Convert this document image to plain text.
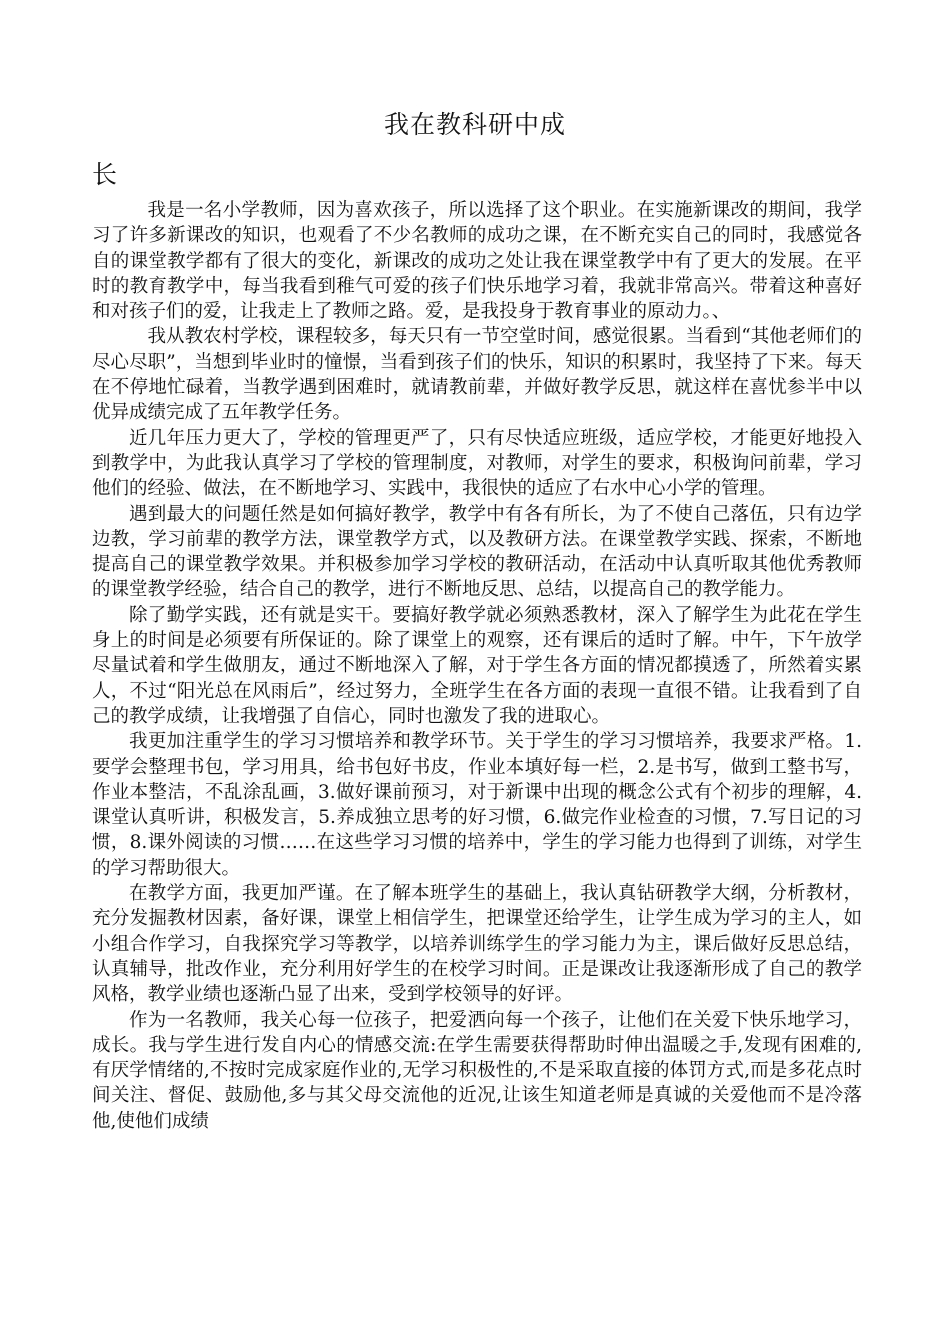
我在教科研中成
长

我是一名小学教师，因为喜欢孩子，所以选择了这个职业。在实施新课改的期间，我学习了许多新课改的知识，也观看了不少名教师的成功之课，在不断充实自己的同时，我感觉各自的课堂教学都有了很大的变化，新课改的成功之处让我在课堂教学中有了更大的发展。在平时的教育教学中，每当我看到稚气可爱的孩子们快乐地学习着，我就非常高兴。带着这种喜好和对孩子们的爱，让我走上了教师之路。爱，是我投身于教育事业的原动力。、

我从教农村学校，课程较多，每天只有一节空堂时间，感觉很累。当看到“其他老师们的尽心尽职”，当想到毕业时的憧憬，当看到孩子们的快乐，知识的积累时，我坚持了下来。每天在不停地忙碌着，当教学遇到困难时，就请教前辈，并做好教学反思，就这样在喜忧参半中以优异成绩完成了五年教学任务。

近几年压力更大了，学校的管理更严了，只有尽快适应班级，适应学校，才能更好地投入到教学中，为此我认真学习了学校的管理制度，对教师，对学生的要求，积极询问前辈，学习他们的经验、做法，在不断地学习、实践中，我很快的适应了右水中心小学的管理。

遇到最大的问题任然是如何搞好教学，教学中有各有所长，为了不使自己落伍，只有边学边教，学习前辈的教学方法，课堂教学方式，以及教研方法。在课堂教学实践、探索，不断地提高自己的课堂教学效果。并积极参加学习学校的教研活动，在活动中认真听取其他优秀教师的课堂教学经验，结合自己的教学，进行不断地反思、总结，以提高自己的教学能力。

除了勤学实践，还有就是实干。要搞好教学就必须熟悉教材，深入了解学生为此花在学生身上的时间是必须要有所保证的。除了课堂上的观察，还有课后的适时了解。中午，下午放学尽量试着和学生做朋友，通过不断地深入了解，对于学生各方面的情况都摸透了，所然着实累人，不过“阳光总在风雨后”，经过努力，全班学生在各方面的表现一直很不错。让我看到了自己的教学成绩，让我增强了自信心，同时也激发了我的进取心。

我更加注重学生的学习习惯培养和教学环节。关于学生的学习习惯培养，我要求严格。1.要学会整理书包，学习用具，给书包好书皮，作业本填好每一栏，2.是书写，做到工整书写，作业本整洁，不乱涂乱画，3.做好课前预习，对于新课中出现的概念公式有个初步的理解，4.课堂认真听讲，积极发言，5.养成独立思考的好习惯，6.做完作业检查的习惯，7.写日记的习惯，8.课外阅读的习惯……在这些学习习惯的培养中，学生的学习能力也得到了训练，对学生的学习帮助很大。

在教学方面，我更加严谨。在了解本班学生的基础上，我认真钻研教学大纲，分析教材，充分发掘教材因素，备好课，课堂上相信学生，把课堂还给学生，让学生成为学习的主人，如小组合作学习，自我探究学习等教学，以培养训练学生的学习能力为主，课后做好反思总结，认真辅导，批改作业，充分利用好学生的在校学习时间。正是课改让我逐渐形成了自己的教学风格，教学业绩也逐渐凸显了出来，受到学校领导的好评。

作为一名教师，我关心每一位孩子，把爱洒向每一个孩子，让他们在关爱下快乐地学习，成长。我与学生进行发自内心的情感交流:在学生需要获得帮助时伸出温暖之手,发现有困难的,有厌学情绪的,不按时完成家庭作业的,无学习积极性的,不是采取直接的体罚方式,而是多花点时间关注、督促、鼓励他,多与其父母交流他的近况,让该生知道老师是真诚的关爱他而不是冷落他,使他们成绩
